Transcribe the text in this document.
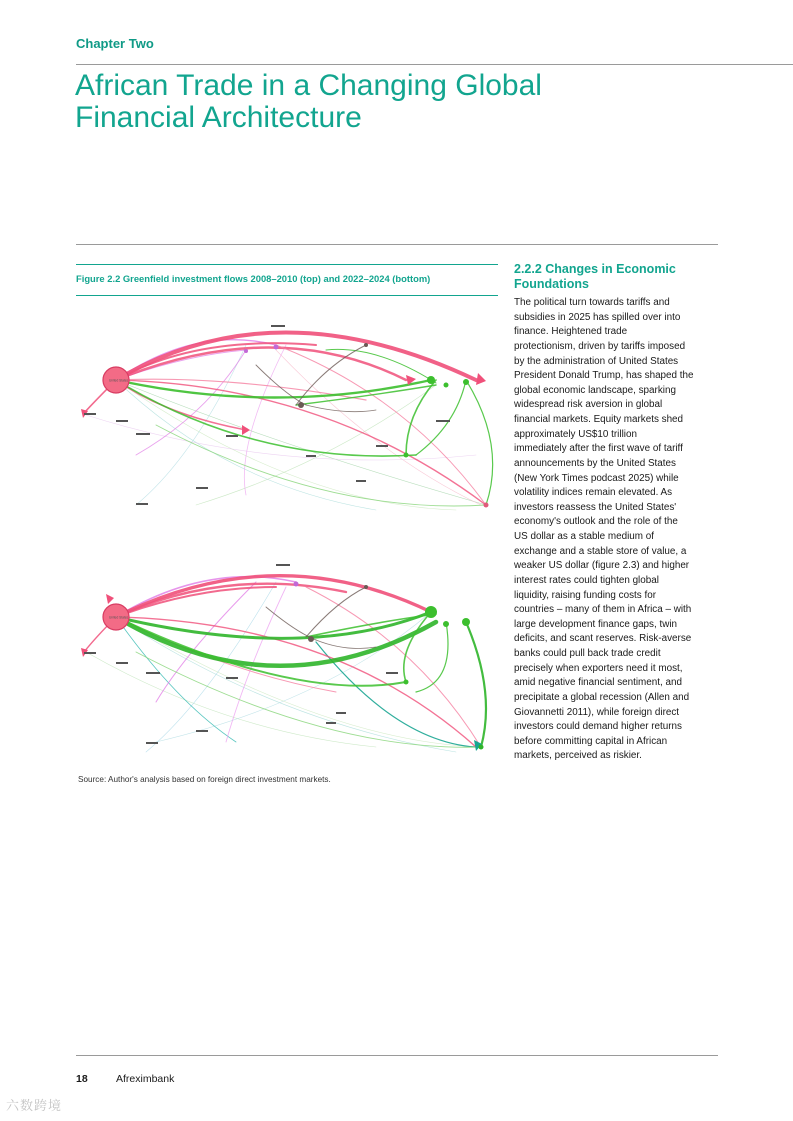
Chapter Two
African Trade in a Changing Global
Financial Architecture
Figure 2.2 Greenfield investment flows 2008–2010 (top) and 2022–2024 (bottom)
United States
United States
Source: Author's analysis based on foreign direct investment markets.
2.2.2 Changes in Economic Foundations
The political turn towards tariffs and
subsidies in 2025 has spilled over into
finance. Heightened trade
protectionism, driven by tariffs imposed
by the administration of United States
President Donald Trump, has shaped the
global economic landscape, sparking
widespread risk aversion in global
financial markets. Equity markets shed
approximately US$10 trillion
immediately after the first wave of tariff
announcements by the United States
(New York Times podcast 2025) while
volatility indices remain elevated. As
investors reassess the United States'
economy's outlook and the role of the
US dollar as a stable medium of
exchange and a stable store of value, a
weaker US dollar (figure 2.3) and higher
interest rates could tighten global
liquidity, raising funding costs for
countries – many of them in Africa – with
large development finance gaps, twin
deficits, and scant reserves. Risk-averse
banks could pull back trade credit
precisely when exporters need it most,
amid negative financial sentiment, and
precipitate a global recession (Allen and
Giovannetti 2011), while foreign direct
investors could demand higher returns
before committing capital in African
markets, perceived as riskier.
18	Afreximbank
六数跨境
